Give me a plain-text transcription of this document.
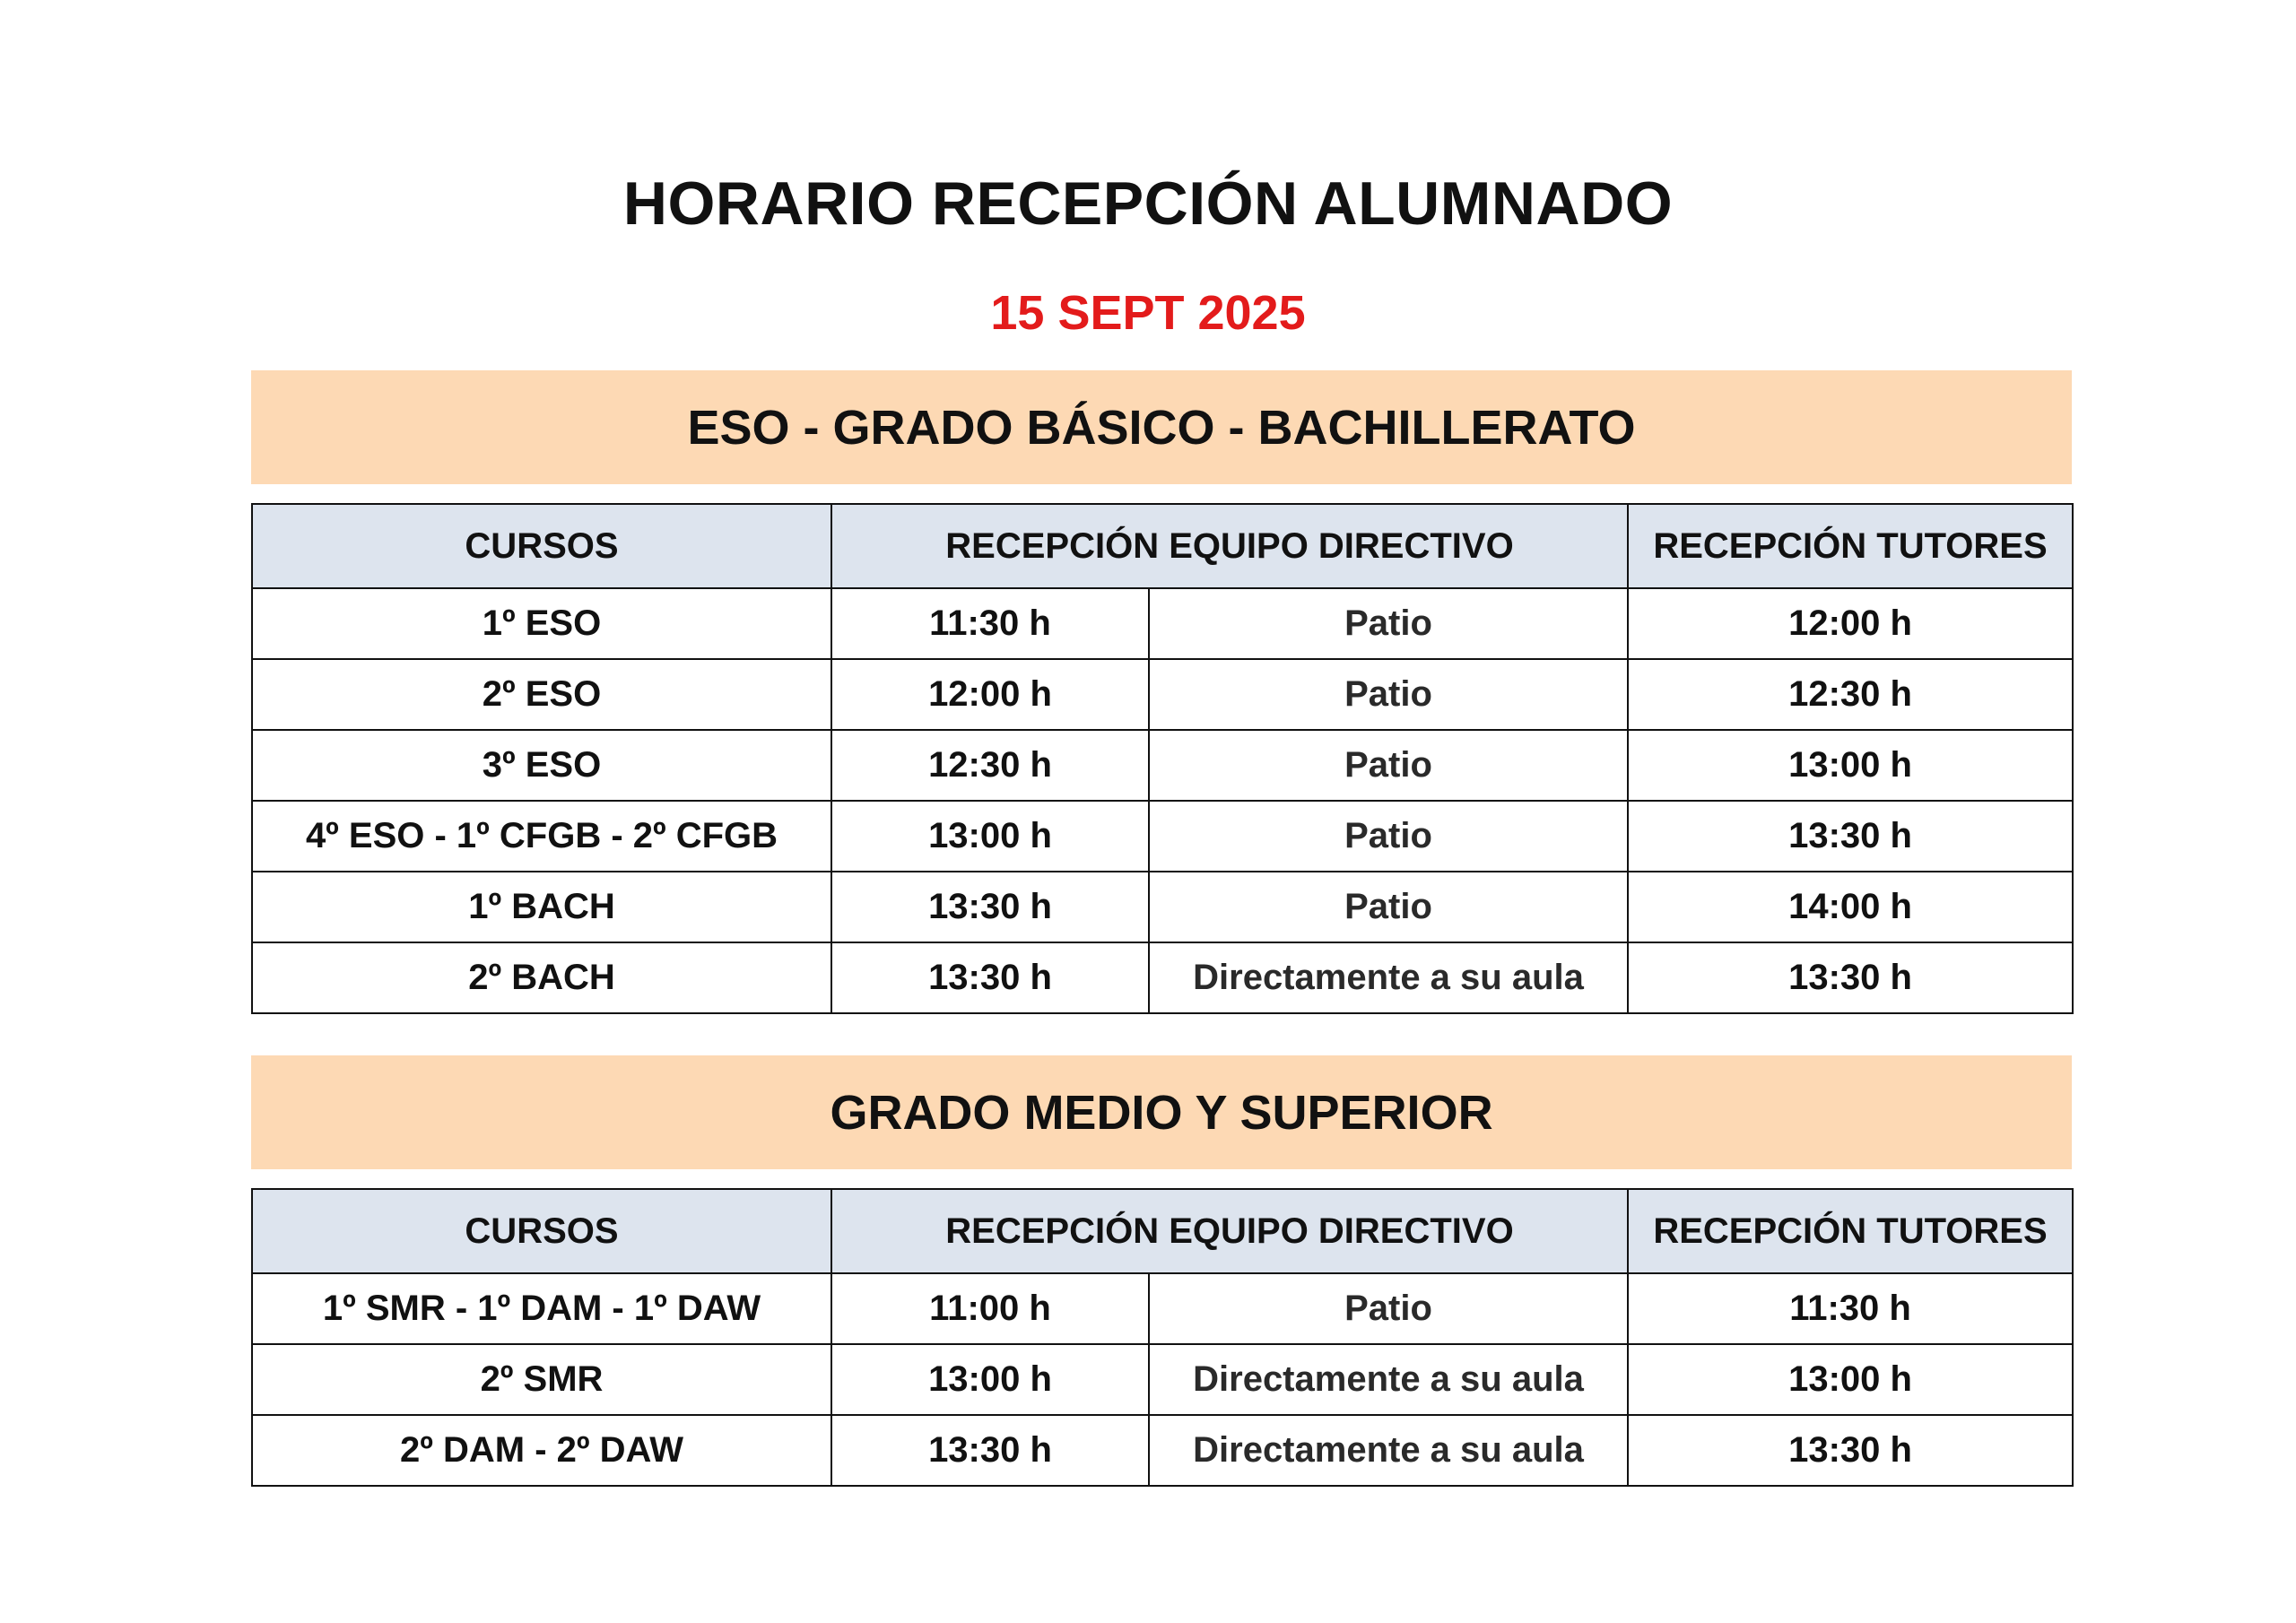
HORARIO RECEPCIÓN ALUMNADO
15 SEPT 2025
ESO - GRADO BÁSICO - BACHILLERATO
CURSOS	RECEPCIÓN EQUIPO DIRECTIVO		RECEPCIÓN TUTORES
1º ESO	11:30 h	Patio	12:00 h
2º ESO	12:00 h	Patio	12:30 h
3º ESO	12:30 h	Patio	13:00 h
4º ESO - 1º CFGB - 2º CFGB	13:00 h	Patio	13:30 h
1º BACH	13:30 h	Patio	14:00 h
2º BACH	13:30 h	Directamente a su aula	13:30 h
GRADO MEDIO Y SUPERIOR
CURSOS	RECEPCIÓN EQUIPO DIRECTIVO		RECEPCIÓN TUTORES
1º SMR - 1º DAM - 1º DAW	11:00 h	Patio	11:30 h
2º SMR	13:00 h	Directamente a su aula	13:00 h
2º DAM - 2º DAW	13:30 h	Directamente a su aula	13:30 h
